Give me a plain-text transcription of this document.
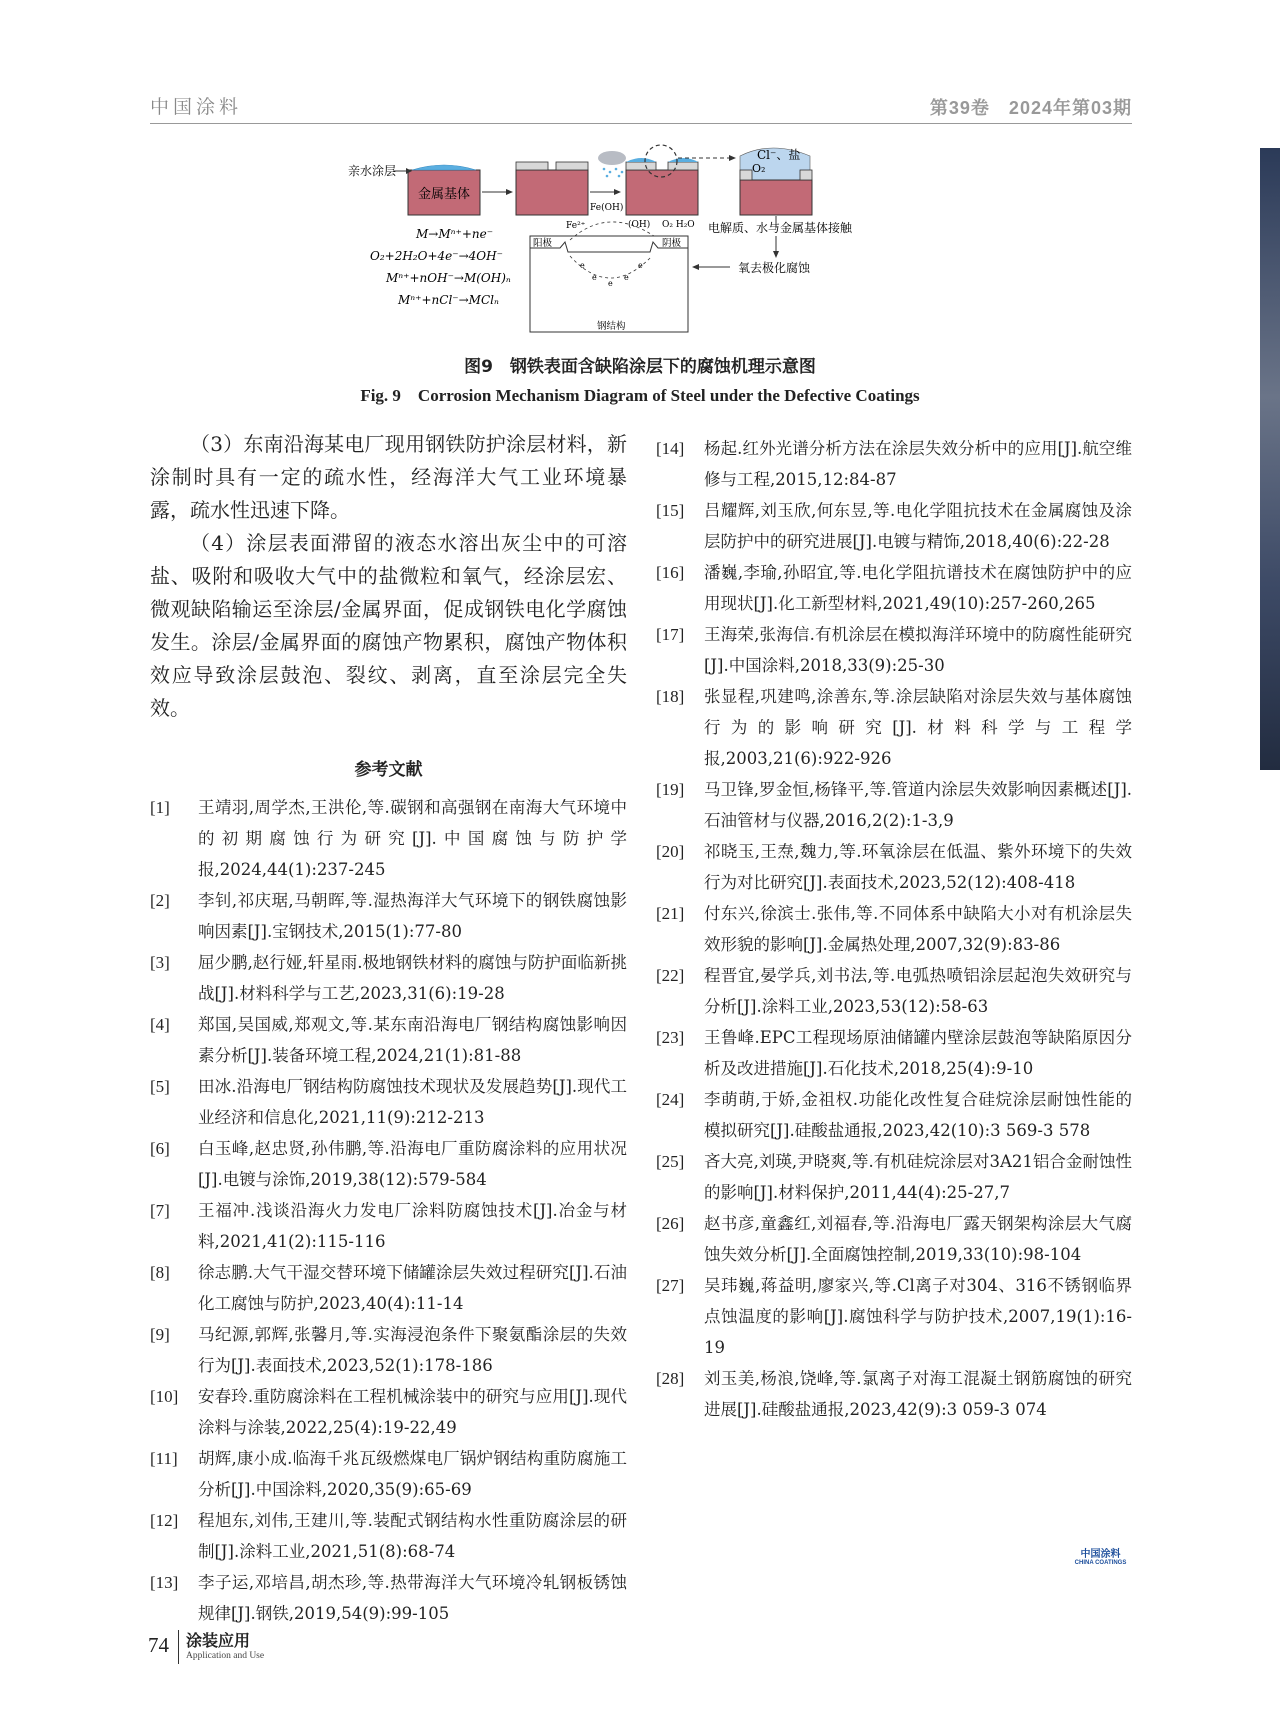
中国涂料	第39卷　2024年第03期
金属基体
亲水涂层
Cl⁻、盐
O₂
电解质、水与金属基体接触
氧去极化腐蚀
阳极	阴极
e
e
e
e
e
钢结构
Fe²⁺
Fe(OH)
(OH) O₂ H₂O
M→Mⁿ⁺+ne⁻
O₂+2H₂O+4e⁻→4OH⁻
Mⁿ⁺+nOH⁻→M(OH)ₙ
Mⁿ⁺+nCl⁻→MClₙ
图9　钢铁表面含缺陷涂层下的腐蚀机理示意图
Fig. 9　Corrosion Mechanism Diagram of Steel under the Defective Coatings

（3）东南沿海某电厂现用钢铁防护涂层材料，新涂制时具有一定的疏水性，经海洋大气工业环境暴露，疏水性迅速下降。

（4）涂层表面滞留的液态水溶出灰尘中的可溶盐、吸附和吸收大气中的盐微粒和氧气，经涂层宏、微观缺陷输运至涂层/金属界面，促成钢铁电化学腐蚀发生。涂层/金属界面的腐蚀产物累积，腐蚀产物体积效应导致涂层鼓泡、裂纹、剥离，直至涂层完全失效。

参考文献
[1]	王靖羽,周学杰,王洪伦,等.碳钢和高强钢在南海大气环境中的初期腐蚀行为研究[J].中国腐蚀与防护学报,2024,44(1):237-245
[2]	李钊,祁庆琚,马朝晖,等.湿热海洋大气环境下的钢铁腐蚀影响因素[J].宝钢技术,2015(1):77-80
[3]	屈少鹏,赵行娅,轩星雨.极地钢铁材料的腐蚀与防护面临新挑战[J].材料科学与工艺,2023,31(6):19-28
[4]	郑国,吴国威,郑观文,等.某东南沿海电厂钢结构腐蚀影响因素分析[J].装备环境工程,2024,21(1):81-88
[5]	田冰.沿海电厂钢结构防腐蚀技术现状及发展趋势[J].现代工业经济和信息化,2021,11(9):212-213
[6]	白玉峰,赵忠贤,孙伟鹏,等.沿海电厂重防腐涂料的应用状况[J].电镀与涂饰,2019,38(12):579-584
[7]	王福冲.浅谈沿海火力发电厂涂料防腐蚀技术[J].冶金与材料,2021,41(2):115-116
[8]	徐志鹏.大气干湿交替环境下储罐涂层失效过程研究[J].石油化工腐蚀与防护,2023,40(4):11-14
[9]	马纪源,郭辉,张馨月,等.实海浸泡条件下聚氨酯涂层的失效行为[J].表面技术,2023,52(1):178-186
[10]	安春玲.重防腐涂料在工程机械涂装中的研究与应用[J].现代涂料与涂装,2022,25(4):19-22,49
[11]	胡辉,康小成.临海千兆瓦级燃煤电厂锅炉钢结构重防腐施工分析[J].中国涂料,2020,35(9):65-69
[12]	程旭东,刘伟,王建川,等.装配式钢结构水性重防腐涂层的研制[J].涂料工业,2021,51(8):68-74
[13]	李子运,邓培昌,胡杰珍,等.热带海洋大气环境冷轧钢板锈蚀规律[J].钢铁,2019,54(9):99-105
[14]	杨起.红外光谱分析方法在涂层失效分析中的应用[J].航空维修与工程,2015,12:84-87
[15]	吕耀辉,刘玉欣,何东昱,等.电化学阻抗技术在金属腐蚀及涂层防护中的研究进展[J].电镀与精饰,2018,40(6):22-28
[16]	潘巍,李瑜,孙昭宜,等.电化学阻抗谱技术在腐蚀防护中的应用现状[J].化工新型材料,2021,49(10):257-260,265
[17]	王海荣,张海信.有机涂层在模拟海洋环境中的防腐性能研究[J].中国涂料,2018,33(9):25-30
[18]	张显程,巩建鸣,涂善东,等.涂层缺陷对涂层失效与基体腐蚀行为的影响研究[J].材料科学与工程学报,2003,21(6):922-926
[19]	马卫锋,罗金恒,杨锋平,等.管道内涂层失效影响因素概述[J].石油管材与仪器,2016,2(2):1-3,9
[20]	祁晓玉,王焘,魏力,等.环氧涂层在低温、紫外环境下的失效行为对比研究[J].表面技术,2023,52(12):408-418
[21]	付东兴,徐滨士.张伟,等.不同体系中缺陷大小对有机涂层失效形貌的影响[J].金属热处理,2007,32(9):83-86
[22]	程晋宜,晏学兵,刘书法,等.电弧热喷铝涂层起泡失效研究与分析[J].涂料工业,2023,53(12):58-63
[23]	王鲁峰.EPC工程现场原油储罐内壁涂层鼓泡等缺陷原因分析及改进措施[J].石化技术,2018,25(4):9-10
[24]	李萌萌,于娇,金祖权.功能化改性复合硅烷涂层耐蚀性能的模拟研究[J].硅酸盐通报,2023,42(10):3 569-3 578
[25]	吝大亮,刘瑛,尹晓爽,等.有机硅烷涂层对3A21铝合金耐蚀性的影响[J].材料保护,2011,44(4):25-27,7
[26]	赵书彦,童鑫红,刘福春,等.沿海电厂露天钢架构涂层大气腐蚀失效分析[J].全面腐蚀控制,2019,33(10):98-104
[27]	吴玮巍,蒋益明,廖家兴,等.Cl离子对304、316不锈钢临界点蚀温度的影响[J].腐蚀科学与防护技术,2007,19(1):16-19
[28]	刘玉美,杨浪,饶峰,等.氯离子对海工混凝土钢筋腐蚀的研究进展[J].硅酸盐通报,2023,42(9):3 059-3 074
中国涂料
CHINA COATINGS
74 涂装应用
Application and Use
